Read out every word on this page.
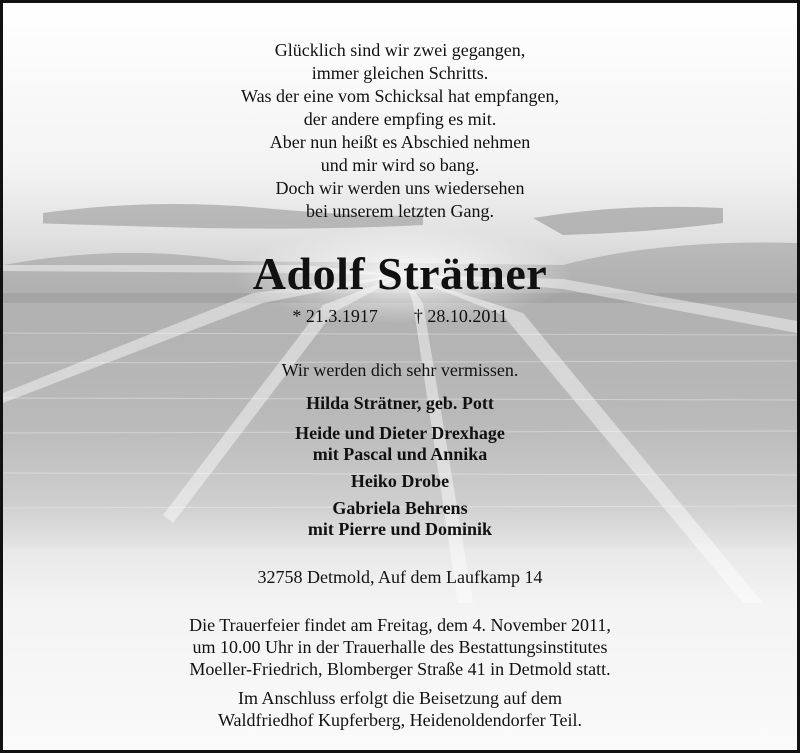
Glücklich sind wir zwei gegangen,
immer gleichen Schritts.
Was der eine vom Schicksal hat empfangen,
der andere empfing es mit.
Aber nun heißt es Abschied nehmen
und mir wird so bang.
Doch wir werden uns wiedersehen
bei unserem letzten Gang.
Adolf Strätner
* 21.3.1917 † 28.10.2011
Wir werden dich sehr vermissen.
Hilda Strätner, geb. Pott
Heide und Dieter Drexhage
mit Pascal und Annika
Heiko Drobe
Gabriela Behrens
mit Pierre und Dominik
32758 Detmold, Auf dem Laufkamp 14
Die Trauerfeier findet am Freitag, dem 4. November 2011,
um 10.00 Uhr in der Trauerhalle des Bestattungsinstitutes
Moeller-Friedrich, Blomberger Straße 41 in Detmold statt.
Im Anschluss erfolgt die Beisetzung auf dem
Waldfriedhof Kupferberg, Heidenoldendorfer Teil.
